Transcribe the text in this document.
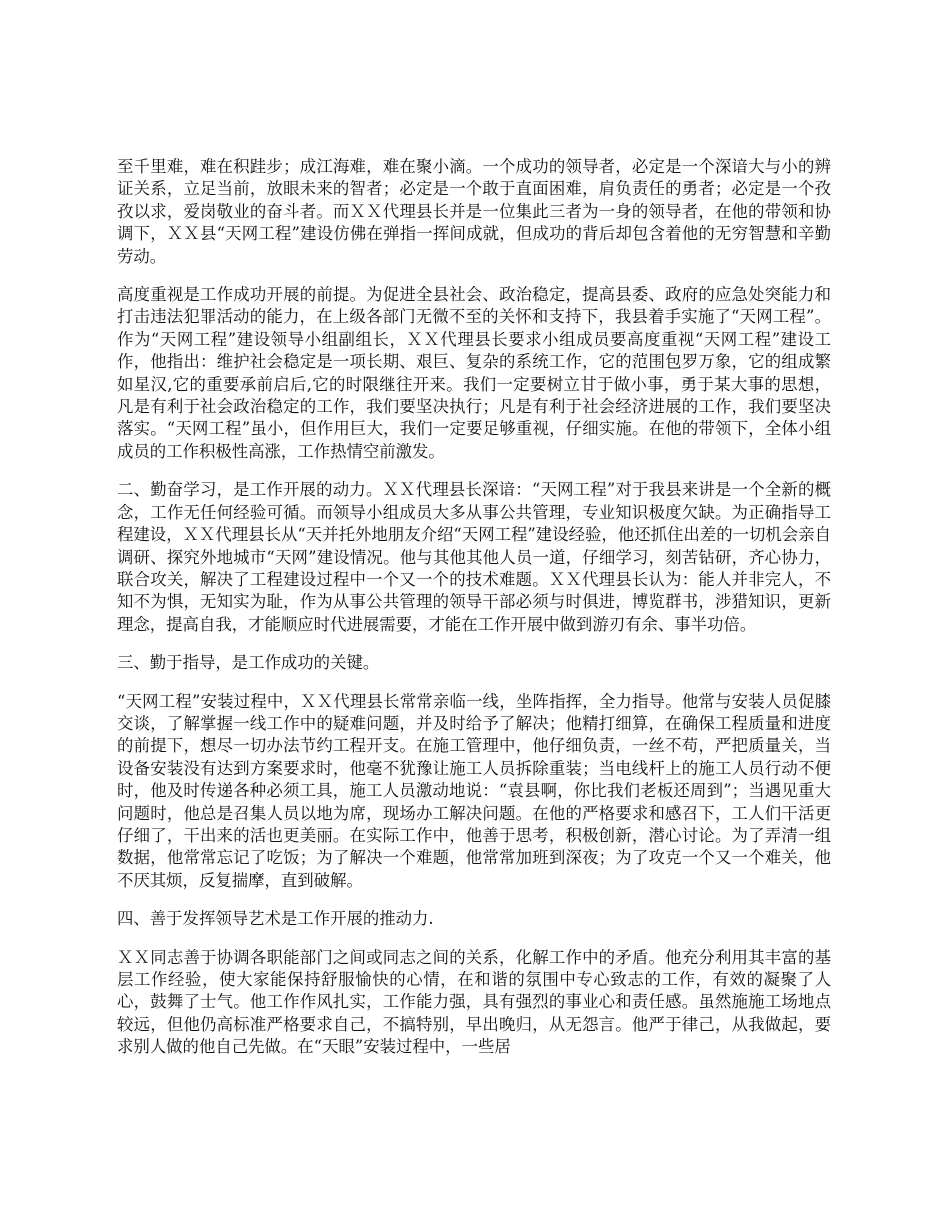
至千里难，难在积跬步；成江海难，难在聚小滴。一个成功的领导者，必定是一个深谙大与小的辨证关系，立足当前，放眼未来的智者；必定是一个敢于直面困难，肩负责任的勇者；必定是一个孜孜以求，爱岗敬业的奋斗者。而ＸＸ代理县长并是一位集此三者为一身的领导者，在他的带领和协调下，ＸＸ县“天网工程”建设仿佛在弹指一挥间成就，但成功的背后却包含着他的无穷智慧和辛勤劳动。

高度重视是工作成功开展的前提。为促进全县社会、政治稳定，提高县委、政府的应急处突能力和打击违法犯罪活动的能力，在上级各部门无微不至的关怀和支持下，我县着手实施了“天网工程”。作为“天网工程”建设领导小组副组长，ＸＸ代理县长要求小组成员要高度重视“天网工程”建设工作，他指出：维护社会稳定是一项长期、艰巨、复杂的系统工作，它的范围包罗万象，它的组成繁如星汉,它的重要承前启后,它的时限继往开来。我们一定要树立甘于做小事，勇于某大事的思想，凡是有利于社会政治稳定的工作，我们要坚决执行；凡是有利于社会经济进展的工作，我们要坚决落实。“天网工程”虽小，但作用巨大，我们一定要足够重视，仔细实施。在他的带领下，全体小组成员的工作积极性高涨，工作热情空前激发。

二、勤奋学习，是工作开展的动力。ＸＸ代理县长深谙：“天网工程”对于我县来讲是一个全新的概念，工作无任何经验可循。而领导小组成员大多从事公共管理，专业知识极度欠缺。为正确指导工程建设，ＸＸ代理县长从“天并托外地朋友介绍“天网工程”建设经验，他还抓住出差的一切机会亲自调研、探究外地城市“天网”建设情况。他与其他其他人员一道，仔细学习，刻苦钻研，齐心协力，联合攻关，解决了工程建设过程中一个又一个的技术难题。ＸＸ代理县长认为：能人并非完人，不知不为惧，无知实为耻，作为从事公共管理的领导干部必须与时俱进，博览群书，涉猎知识，更新理念，提高自我，才能顺应时代进展需要，才能在工作开展中做到游刃有余、事半功倍。

三、勤于指导，是工作成功的关键。

“天网工程”安装过程中，ＸＸ代理县长常常亲临一线，坐阵指挥，全力指导。他常与安装人员促膝交谈，了解掌握一线工作中的疑难问题，并及时给予了解决；他精打细算，在确保工程质量和进度的前提下，想尽一切办法节约工程开支。在施工管理中，他仔细负责，一丝不苟，严把质量关，当设备安装没有达到方案要求时，他毫不犹豫让施工人员拆除重装；当电线杆上的施工人员行动不便时，他及时传递各种必须工具，施工人员激动地说：“袁县啊，你比我们老板还周到”；当遇见重大问题时，他总是召集人员以地为席，现场办工解决问题。在他的严格要求和感召下，工人们干活更仔细了，干出来的活也更美丽。在实际工作中，他善于思考，积极创新，潜心讨论。为了弄清一组数据，他常常忘记了吃饭；为了解决一个难题，他常常加班到深夜；为了攻克一个又一个难关，他不厌其烦，反复揣摩，直到破解。

四、善于发挥领导艺术是工作开展的推动力.

ＸＸ同志善于协调各职能部门之间或同志之间的关系，化解工作中的矛盾。他充分利用其丰富的基层工作经验，使大家能保持舒服愉快的心情，在和谐的氛围中专心致志的工作，有效的凝聚了人心，鼓舞了士气。他工作作风扎实，工作能力强，具有强烈的事业心和责任感。虽然施施工场地点较远，但他仍高标准严格要求自己，不搞特别，早出晚归，从无怨言。他严于律己，从我做起，要求别人做的他自己先做。在“天眼”安装过程中，一些居
